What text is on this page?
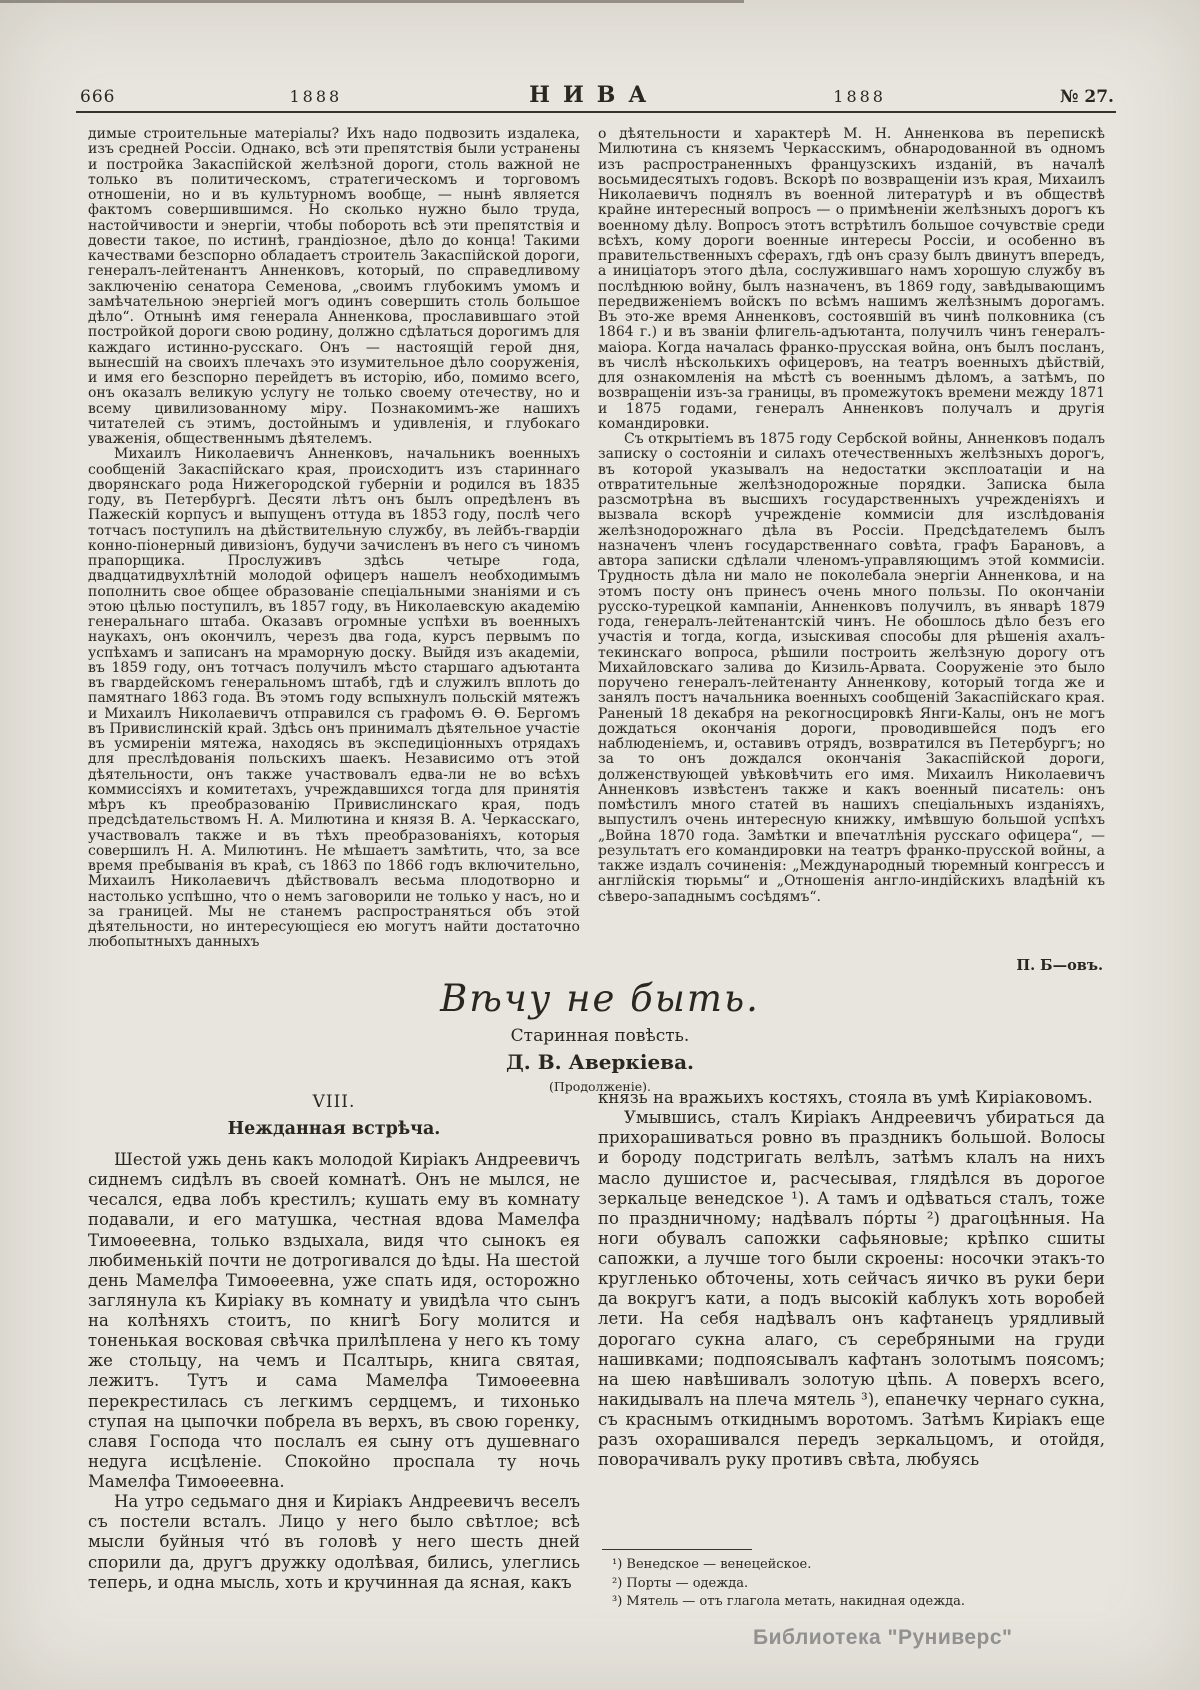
666	1888	НИВА	1888	№ 27.

димые строительные матеріалы? Ихъ надо подвозить издалека, изъ средней Россіи. Однако, всѣ эти препятствія были устранены и постройка Закаспійской желѣзной дороги, столь важной не только въ политическомъ, стратегическомъ и торговомъ отношеніи, но и въ культурномъ вообще, — нынѣ является фактомъ совершившимся. Но сколько нужно было труда, настойчивости и энергіи, чтобы побороть всѣ эти препятствія и довести такое, по истинѣ, грандіозное, дѣло до конца! Такими качествами безспорно обладаетъ строитель Закаспійской дороги, генералъ-лейтенантъ Анненковъ, который, по справедливому заключенію сенатора Семенова, „своимъ глубокимъ умомъ и замѣчательною энергіей могъ одинъ совершить столь большое дѣло“. Отнынѣ имя генерала Анненкова, прославившаго этой постройкой дороги свою родину, должно сдѣлаться дорогимъ для каждаго истинно-русскаго. Онъ — настоящій герой дня, вынесшій на своихъ плечахъ это изумительное дѣло сооруженія, и имя его безспорно перейдетъ въ исторію, ибо, помимо всего, онъ оказалъ великую услугу не только своему отечеству, но и всему цивилизованному міру. Познакомимъ-же нашихъ читателей съ этимъ, достойнымъ и удивленія, и глубокаго уваженія, общественнымъ дѣятелемъ.

Михаилъ Николаевичъ Анненковъ, начальникъ военныхъ сообщеній Закаспійскаго края, происходитъ изъ стариннаго дворянскаго рода Нижегородской губерніи и родился въ 1835 году, въ Петербургѣ. Десяти лѣтъ онъ былъ опредѣленъ въ Пажескій корпусъ и выпущенъ оттуда въ 1853 году, послѣ чего тотчасъ поступилъ на дѣйствительную службу, въ лейбъ-гвардіи конно-піонерный дивизіонъ, будучи зачисленъ въ него съ чиномъ прапорщика. Прослуживъ здѣсь четыре года, двадцатидвухлѣтній молодой офицеръ нашелъ необходимымъ пополнить свое общее образованіе спеціальными знаніями и съ этою цѣлью поступилъ, въ 1857 году, въ Николаевскую академію генеральнаго штаба. Оказавъ огромные успѣхи въ военныхъ наукахъ, онъ окончилъ, черезъ два года, курсъ первымъ по успѣхамъ и записанъ на мраморную доску. Выйдя изъ академіи, въ 1859 году, онъ тотчасъ получилъ мѣсто старшаго адъютанта въ гвардейскомъ генеральномъ штабѣ, гдѣ и служилъ вплоть до памятнаго 1863 года. Въ этомъ году вспыхнулъ польскій мятежъ и Михаилъ Николаевичъ отправился съ графомъ Ѳ. Ѳ. Бергомъ въ Привислинскій край. Здѣсь онъ принималъ дѣятельное участіе въ усмиреніи мятежа, находясь въ экспедиціонныхъ отрядахъ для преслѣдованія польскихъ шаекъ. Независимо отъ этой дѣятельности, онъ также участвовалъ едва-ли не во всѣхъ коммиссіяхъ и комитетахъ, учреждавшихся тогда для принятія мѣръ къ преобразованію Привислинскаго края, подъ предсѣдательствомъ Н. А. Милютина и князя В. А. Черкасскаго, участвовалъ также и въ тѣхъ преобразованіяхъ, которыя совершилъ Н. А. Милютинъ. Не мѣшаетъ замѣтить, что, за все время пребыванія въ краѣ, съ 1863 по 1866 годъ включительно, Михаилъ Николаевичъ дѣйствовалъ весьма плодотворно и настолько успѣшно, что о немъ заговорили не только у насъ, но и за границей. Мы не станемъ распространяться объ этой дѣятельности, но интересующіеся ею могутъ найти достаточно любопытныхъ данныхъ

о дѣятельности и характерѣ М. Н. Анненкова въ перепискѣ Милютина съ княземъ Черкасскимъ, обнародованной въ одномъ изъ распространенныхъ французскихъ изданій, въ началѣ восьмидесятыхъ годовъ. Вскорѣ по возвращеніи изъ края, Михаилъ Николаевичъ поднялъ въ военной литературѣ и въ обществѣ крайне интересный вопросъ — о примѣненіи желѣзныхъ дорогъ къ военному дѣлу. Вопросъ этотъ встрѣтилъ большое сочувствіе среди всѣхъ, кому дороги военные интересы Россіи, и особенно въ правительственныхъ сферахъ, гдѣ онъ сразу былъ двинутъ впередъ, а иниціаторъ этого дѣла, сослужившаго намъ хорошую службу въ послѣднюю войну, былъ назначенъ, въ 1869 году, завѣдывающимъ передвиженіемъ войскъ по всѣмъ нашимъ желѣзнымъ дорогамъ. Въ это-же время Анненковъ, состоявшій въ чинѣ полковника (съ 1864 г.) и въ званіи флигель-адъютанта, получилъ чинъ генералъ-маіора. Когда началась франко-прусская война, онъ былъ посланъ, въ числѣ нѣсколькихъ офицеровъ, на театръ военныхъ дѣйствій, для ознакомленія на мѣстѣ съ военнымъ дѣломъ, а затѣмъ, по возвращеніи изъ-за границы, въ промежутокъ времени между 1871 и 1875 годами, генералъ Анненковъ получалъ и другія командировки.

Съ открытіемъ въ 1875 году Сербской войны, Анненковъ подалъ записку о состояніи и силахъ отечественныхъ желѣзныхъ дорогъ, въ которой указывалъ на недостатки эксплоатаціи и на отвратительные желѣзнодорожные порядки. Записка была разсмотрѣна въ высшихъ государственныхъ учрежденіяхъ и вызвала вскорѣ учрежденіе коммисіи для изслѣдованія желѣзнодорожнаго дѣла въ Россіи. Предсѣдателемъ былъ назначенъ членъ государственнаго совѣта, графъ Барановъ, а автора записки сдѣлали членомъ-управляющимъ этой коммисіи. Трудность дѣла ни мало не поколебала энергіи Анненкова, и на этомъ посту онъ принесъ очень много пользы. По окончаніи русско-турецкой кампаніи, Анненковъ получилъ, въ январѣ 1879 года, генералъ-лейтенантскій чинъ. Не обошлось дѣло безъ его участія и тогда, когда, изыскивая способы для рѣшенія ахалъ-текинскаго вопроса, рѣшили построить желѣзную дорогу отъ Михайловскаго залива до Кизиль-Арвата. Сооруженіе это было поручено генералъ-лейтенанту Анненкову, который тогда же и занялъ постъ начальника военныхъ сообщеній Закаспійскаго края. Раненый 18 декабря на рекогносцировкѣ Янги-Калы, онъ не могъ дождаться окончанія дороги, проводившейся подъ его наблюденіемъ, и, оставивъ отрядъ, возвратился въ Петербургъ; но за то онъ дождался окончанія Закаспійской дороги, долженствующей увѣковѣчить его имя. Михаилъ Николаевичъ Анненковъ извѣстенъ также и какъ военный писатель: онъ помѣстилъ много статей въ нашихъ спеціальныхъ изданіяхъ, выпустилъ очень интересную книжку, имѣвшую большой успѣхъ „Война 1870 года. Замѣтки и впечатлѣнія русскаго офицера“, — результатъ его командировки на театръ франко-прусской войны, а также издалъ сочиненія: „Международный тюремный конгрессъ и англійскія тюрьмы“ и „Отношенія англо-индійскихъ владѣній къ сѣверо-западнымъ сосѣдямъ“.

П. Б—овъ.
Вѣчу не быть.
Старинная повѣсть.
Д. В. Аверкіева.
(Продолженіе).
VIII.
Нежданная встрѣча.

Шестой ужь день какъ молодой Киріакъ Андреевичъ сиднемъ сидѣлъ въ своей комнатѣ. Онъ не мылся, не чесался, едва лобъ крестилъ; кушать ему въ комнату подавали, и его матушка, честная вдова Мамелфа Тимоѳеевна, только вздыхала, видя что сынокъ ея любименькій почти не дотрогивался до ѣды. На шестой день Мамелфа Тимоѳеевна, уже спать идя, осторожно заглянула къ Киріаку въ комнату и увидѣла что сынъ на колѣняхъ стоитъ, по книгѣ Богу молится и тоненькая восковая свѣчка прилѣплена у него къ тому же стольцу, на чемъ и Псалтырь, книга святая, лежитъ. Тутъ и сама Мамелфа Тимоѳеевна перекрестилась съ легкимъ сердцемъ, и тихонько ступая на цыпочки побрела въ верхъ, въ свою горенку, славя Господа что послалъ ея сыну отъ душевнаго недуга исцѣленіе. Спокойно проспала ту ночь Мамелфа Тимоѳеевна.

На утро седьмаго дня и Киріакъ Андреевичъ веселъ съ постели всталъ. Лицо у него было свѣтлое; всѣ мысли буйныя чтó въ головѣ у него шесть дней спорили да, другъ дружку одолѣвая, бились, улеглись теперь, и одна мысль, хоть и кручинная да ясная, какъ

князь на вражьихъ костяхъ, стояла въ умѣ Киріаковомъ.

Умывшись, сталъ Киріакъ Андреевичъ убираться да прихорашиваться ровно въ праздникъ большой. Волосы и бороду подстригать велѣлъ, затѣмъ клалъ на нихъ масло душистое и, расчесывая, глядѣлся въ дорогое зеркальце венедское ¹). А тамъ и одѣваться сталъ, тоже по праздничному; надѣвалъ пóрты ²) драгоцѣнныя. На ноги обувалъ сапожки сафьяновые; крѣпко сшиты сапожки, а лучше того были скроены: носочки этакъ-то кругленько обточены, хоть сейчасъ яичко въ руки бери да вокругъ кати, а подъ высокій каблукъ хоть воробей лети. На себя надѣвалъ онъ кафтанецъ урядливый дорогаго сукна алаго, съ серебряными на груди нашивками; подпоясывалъ кафтанъ золотымъ поясомъ; на шею навѣшивалъ золотую цѣпь. А поверхъ всего, накидывалъ на плеча мятель ³), епанечку чернаго сукна, съ краснымъ откиднымъ воротомъ. Затѣмъ Киріакъ еще разъ охорашивался передъ зеркальцомъ, и отойдя, поворачивалъ руку противъ свѣта, любуясь

¹) Венедское — венецейское.

²) Порты — одежда.

³) Мятель — отъ глагола метать, накидная одежда.

Библиотека "Руниверс"
